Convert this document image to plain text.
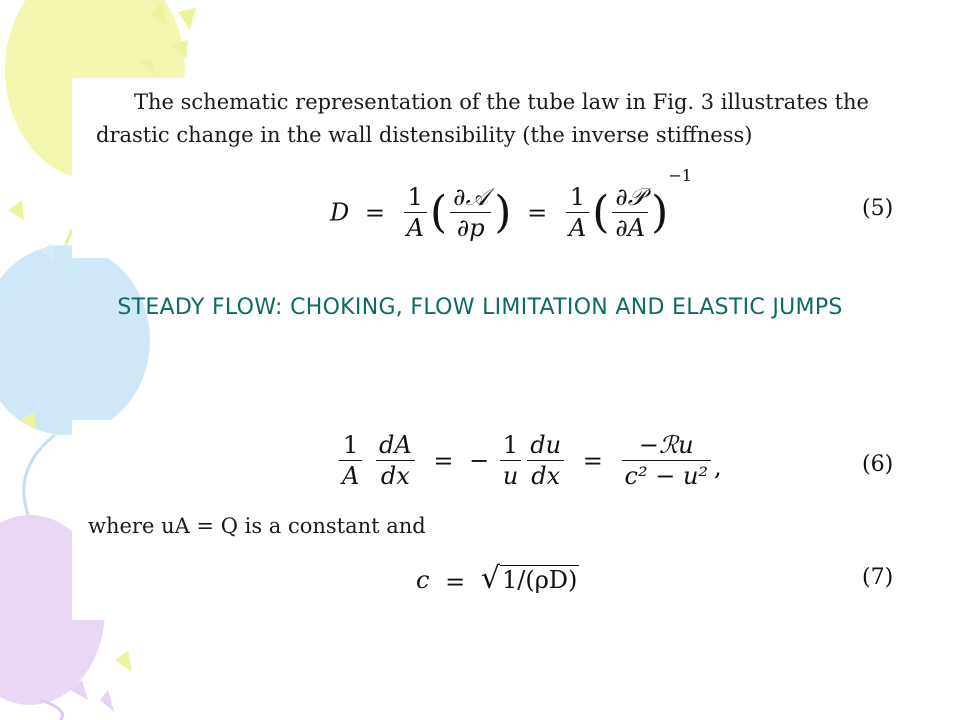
The schematic representation of the tube law in Fig. 3 illustrates the
drastic change in the wall distensibility (the inverse stiffness)
$D = \frac{1}{A}$ ( $\frac{\text{∂𝒜}}{\partial p}$ ) = $\frac{1}{A}$ ( $\frac{\text{∂𝒫}}{\partial A} )^{-1}$
(5)
STEADY FLOW: CHOKING, FLOW LIMITATION AND ELASTIC JUMPS
$\frac{1}{A}$
$\frac{dA}{dx}$ = − $\frac{1}{u} \frac{du}{dx} = \frac{\text{−ℛu}}{\text{c² − u²}}$ ,	(6)
where uA = Q is a constant and
c = √1/(ρD)	(7)
